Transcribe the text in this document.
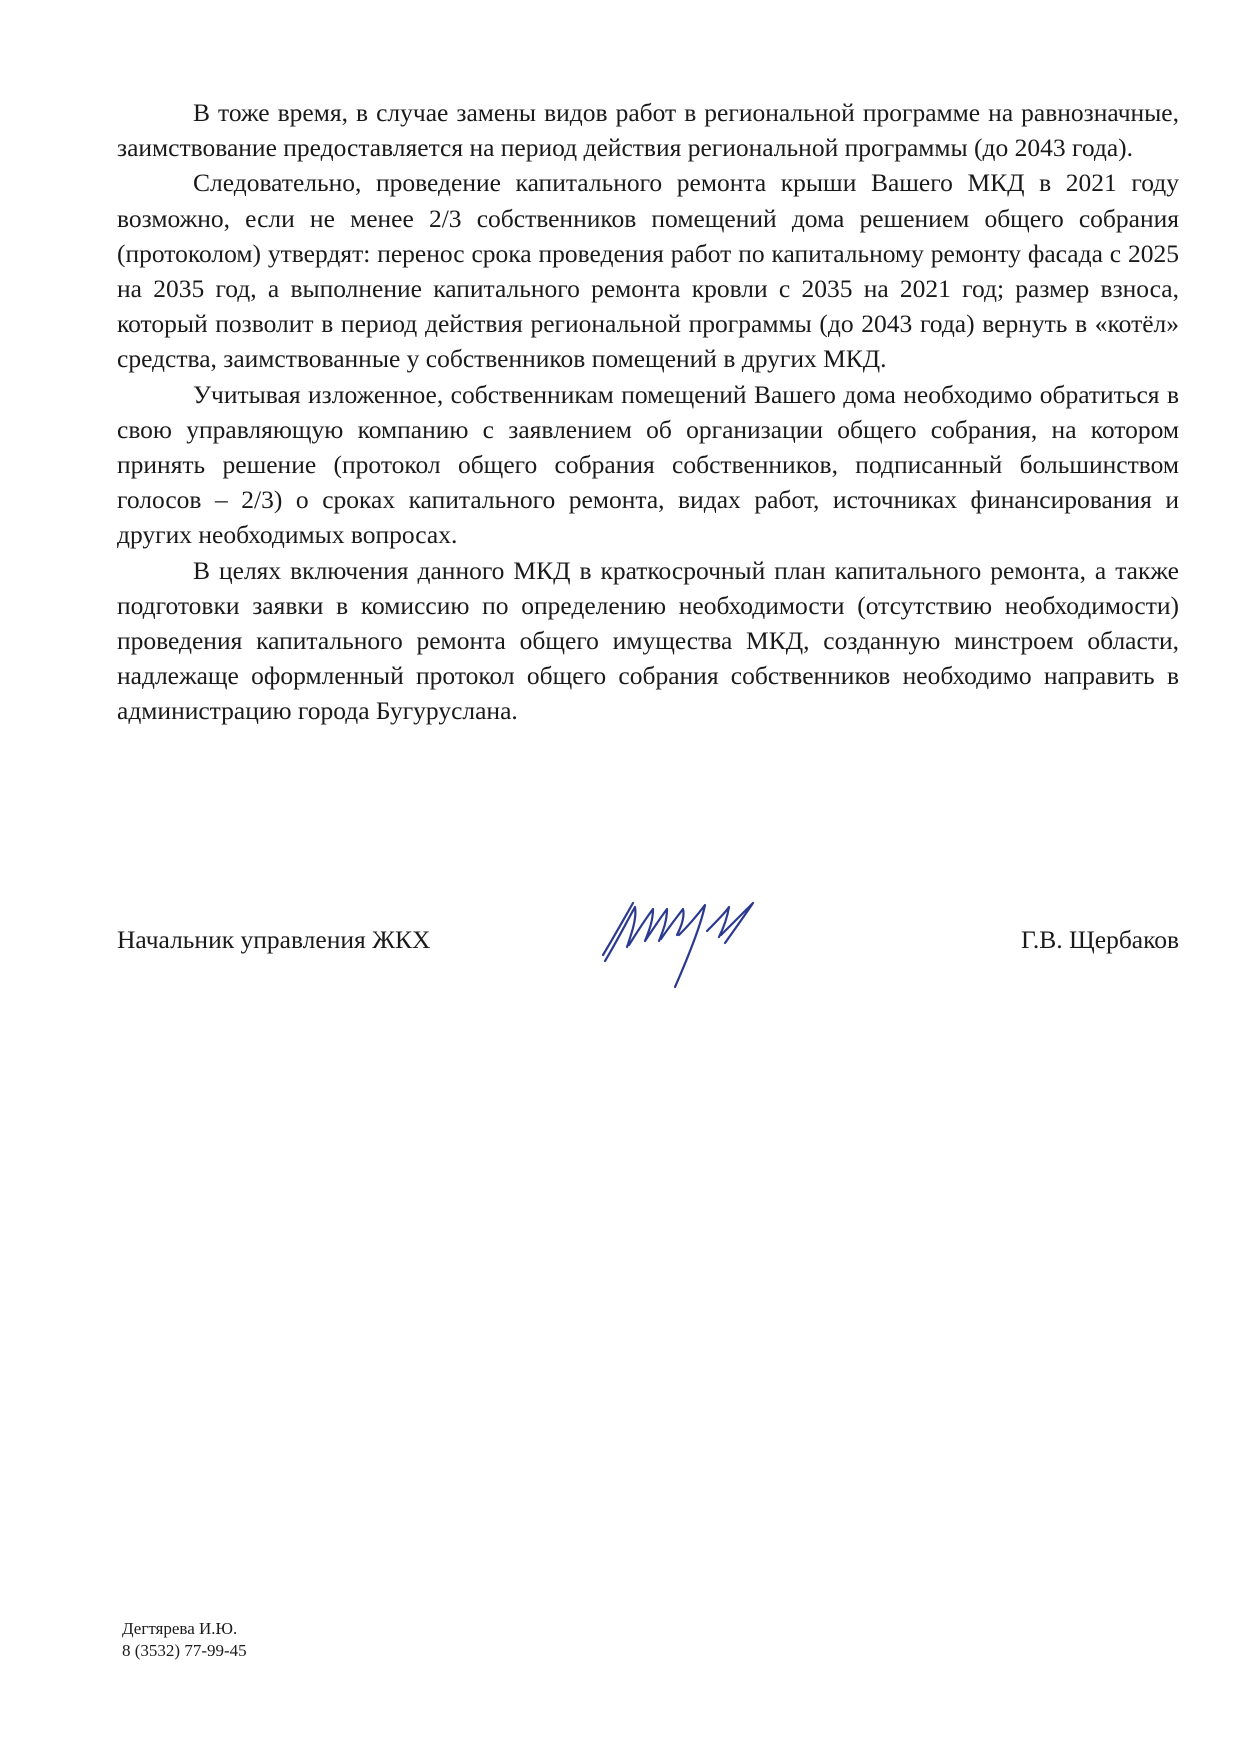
В тоже время, в случае замены видов работ в региональной программе на равнозначные, заимствование предоставляется на период действия региональной программы (до 2043 года).

Следовательно, проведение капитального ремонта крыши Вашего МКД в 2021 году возможно, если не менее 2/3 собственников помещений дома решением общего собрания (протоколом) утвердят: перенос срока проведения работ по капитальному ремонту фасада с 2025 на 2035 год, а выполнение капитального ремонта кровли с 2035 на 2021 год; размер взноса, который позволит в период действия региональной программы (до 2043 года) вернуть в «котёл» средства, заимствованные у собственников помещений в других МКД.

Учитывая изложенное, собственникам помещений Вашего дома необходимо обратиться в свою управляющую компанию с заявлением об организации общего собрания, на котором принять решение (протокол общего собрания собственников, подписанный большинством голосов – 2/3) о сроках капитального ремонта, видах работ, источниках финансирования и других необходимых вопросах.

В целях включения данного МКД в краткосрочный план капитального ремонта, а также подготовки заявки в комиссию по определению необходимости (отсутствию необходимости) проведения капитального ремонта общего имущества МКД, созданную минстроем области, надлежаще оформленный протокол общего собрания собственников необходимо направить в администрацию города Бугуруслана.

Начальник управления ЖКХ	Г.В. Щербаков
Дегтярева И.Ю.
8 (3532) 77-99-45
